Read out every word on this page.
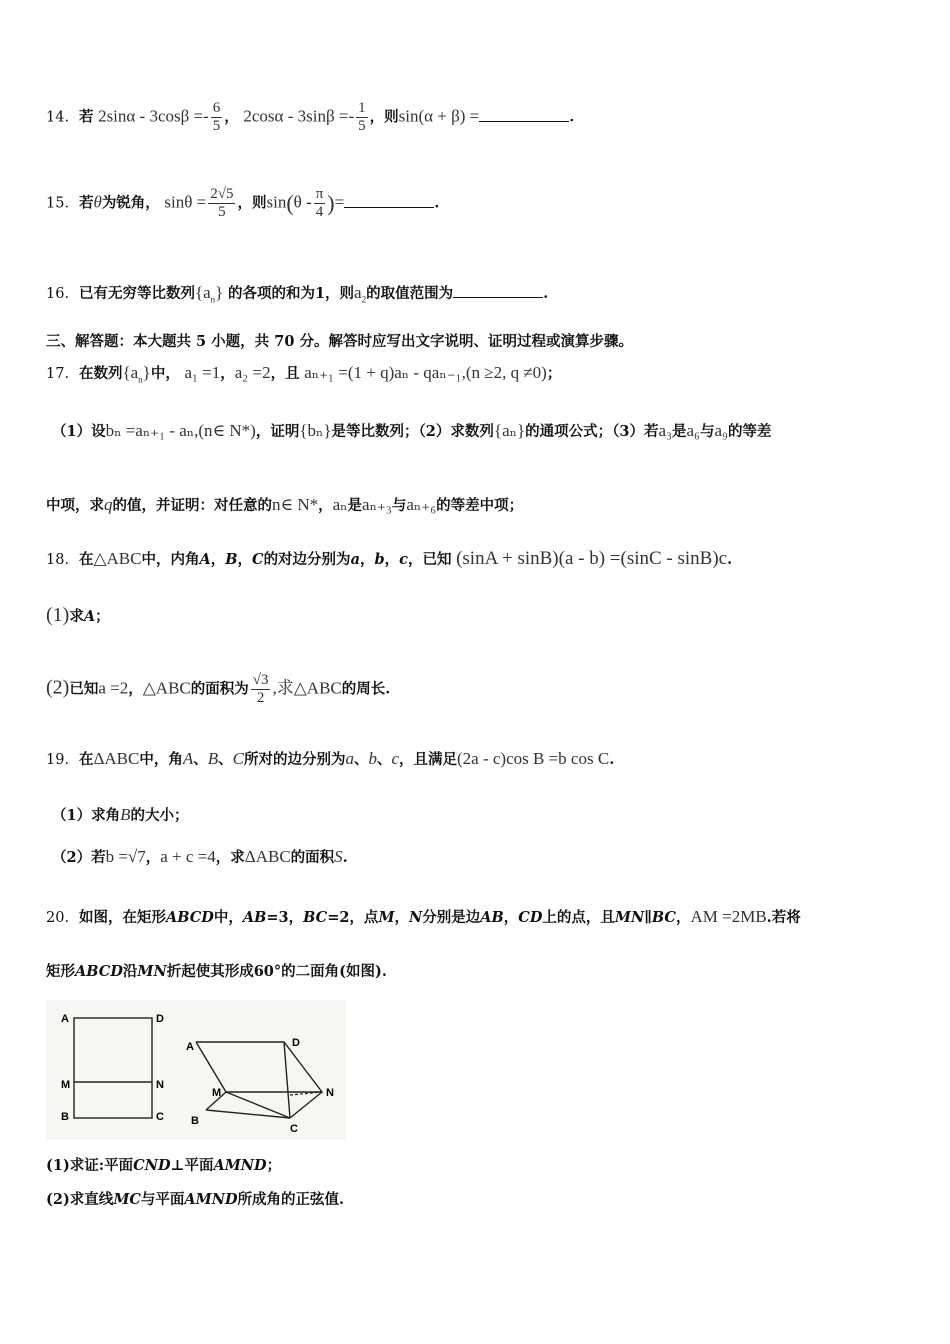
14．若 $2\sin\alpha - 3\cos\beta =- \frac{6}{5}$ ， $2\cos\alpha - 3\sin\beta =- \frac{1}{5}$ ，则sin(α + β) =	.
15．若θ为锐角， $\sin\theta = \frac{2√5}{5}$ ，则$\sin(\theta - \frac{\pi}{4}$ )=	.
16．已有无穷等比数列$\{a_n\}$ 的各项的和为1，则$a_2$的取值范围为	.
三、解答题：本大题共 5 小题，共 70 分。解答时应写出文字说明、证明过程或演算步骤。
17．在数列$\{a_n\}$中， a₁ =1，a₂ =2，且 aₙ₊₁ =(1 + q)aₙ - qaₙ₋₁,(n ≥2, q ≠0)；
（1）设bₙ =aₙ₊₁ - aₙ,(n∈ N*)，证明{bₙ}是等比数列；（2）求数列{aₙ}的通项公式；（3）若a₃是a₆与a₉的等差
中项，求q的值，并证明：对任意的n∈ N*，aₙ是aₙ₊₃与aₙ₊₆的等差中项；
18．在△ABC中，内角A，B，C的对边分别为a，b，c，已知 (sinA + sinB)(a - b) =(sinC - sinB)c.
(1)求A；
(2)已知a =2，△ABC的面积为 $\frac{√3}{2}$ ,求△ABC的周长.
19．在ΔABC中，角A、B、C所对的边分别为a、b、c，且满足(2a - c)cos B =b cos C.
（1）求角B的大小；
（2）若b =√7，a + c =4，求ΔABC的面积S.
20．如图，在矩形ABCD中，AB=3，BC=2，点M，N分别是边AB，CD上的点，且MN∥BC，AM =2MB.若将
矩形ABCD沿MN折起使其形成60°的二面角(如图).
A	D
M	N
B	C
A	D
M	N
B
C
(1)求证:平面CND⊥平面AMND；
(2)求直线MC与平面AMND所成角的正弦值.
